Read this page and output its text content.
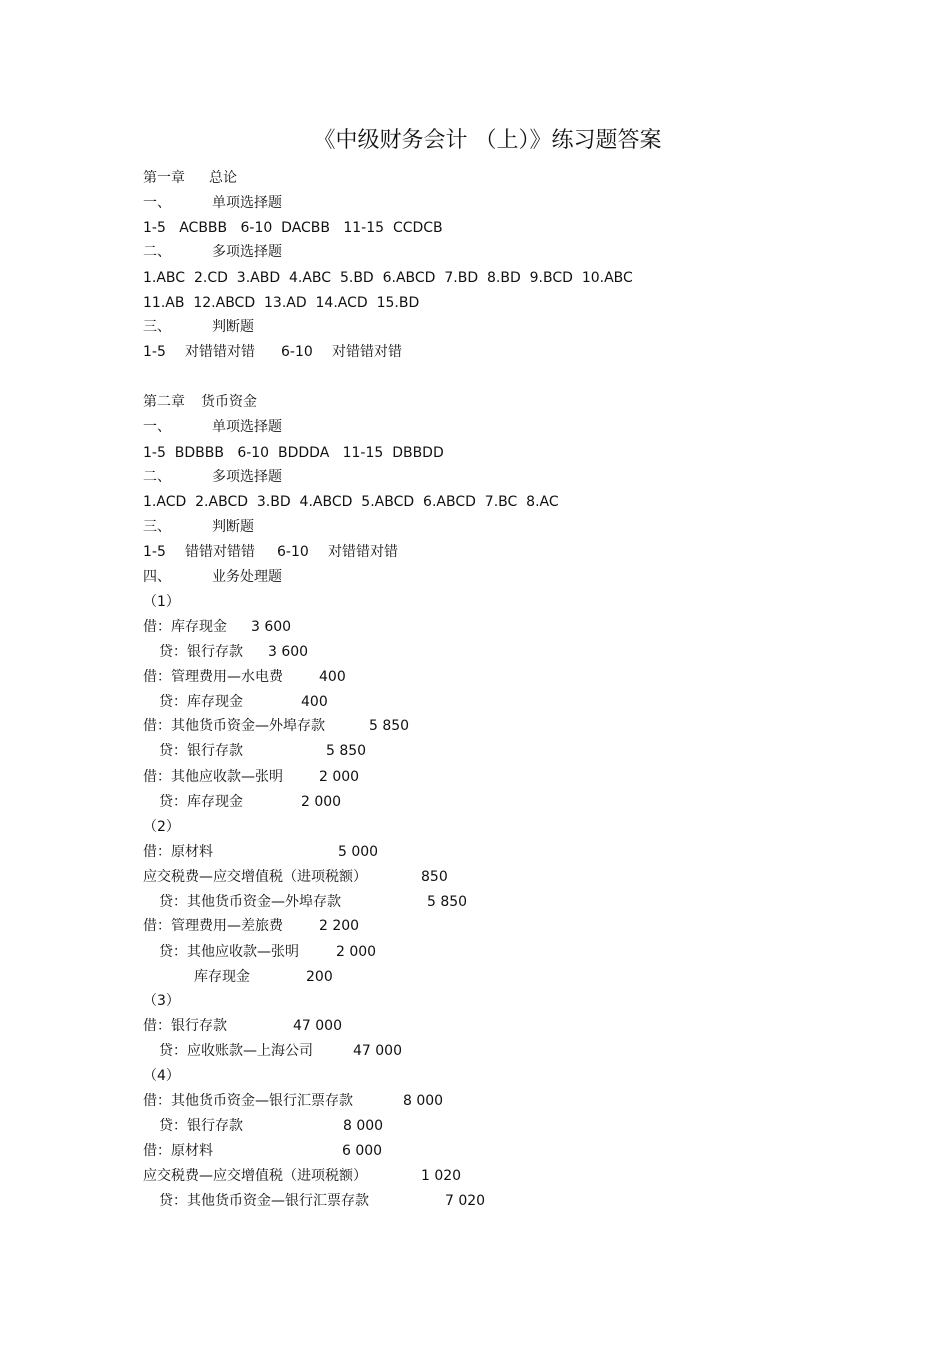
《中级财务会计 （上）》练习题答案
第一章 总论
一、	单项选择题
1-5   ACBBB   6-10  DACBB   11-15  CCDCB
二、	多项选择题
1.ABC  2.CD  3.ABD  4.ABC  5.BD  6.ABCD  7.BD  8.BD  9.BCD  10.ABC
11.AB  12.ABCD  13.AD  14.ACD  15.BD
三、	判断题
1-5 对错错对错 6-10 对错错对错
第二章 货币资金
一、	单项选择题
1-5  BDBBB   6-10  BDDDA   11-15  DBBDD
二、	多项选择题
1.ACD  2.ABCD  3.BD  4.ABCD  5.ABCD  6.ABCD  7.BC  8.AC
三、	判断题
1-5 错错对错错 6-10 对错错对错
四、	业务处理题
（1）
借：库存现金 3 600
贷：银行存款 3 600
借：管理费用—水电费	400
贷：库存现金	400
借：其他货币资金—外埠存款	5 850
贷：银行存款	5 850
借：其他应收款—张明	2 000
贷：库存现金	2 000
（2）
借：原材料	5 000
应交税费—应交增值税（进项税额）	850
贷：其他货币资金—外埠存款	5 850
借：管理费用—差旅费	2 200
贷：其他应收款—张明	2 000
库存现金	200
（3）
借：银行存款	47 000
贷：应收账款—上海公司	47 000
（4）
借：其他货币资金—银行汇票存款	8 000
贷：银行存款	8 000
借：原材料	6 000
应交税费—应交增值税（进项税额）	1 020
贷：其他货币资金—银行汇票存款	7 020
